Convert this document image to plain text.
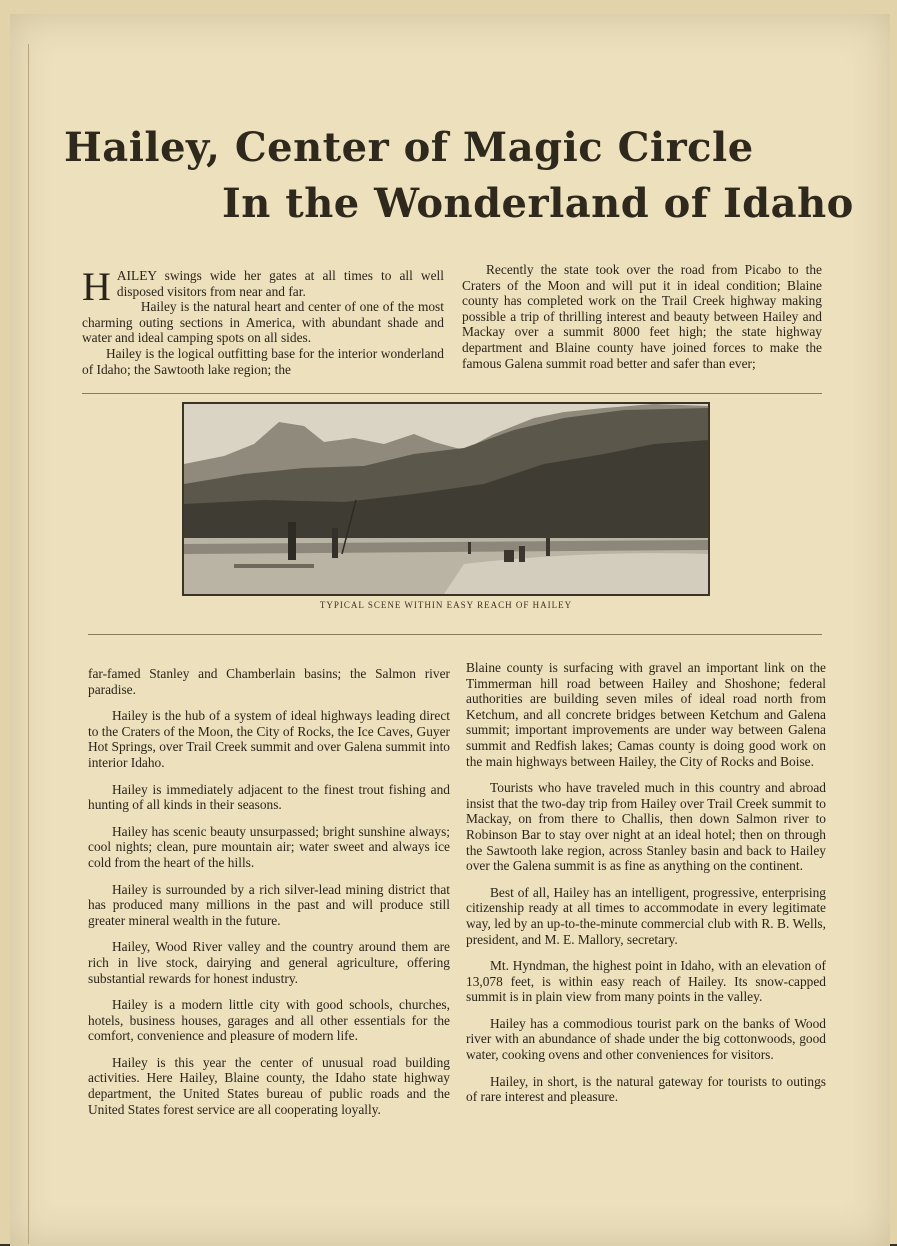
Hailey, Center of Magic Circle
In the Wonderland of Idaho
H AILEY swings wide her gates at all times to all well disposed visitors from near and far.

Hailey is the natural heart and center of one of the most charming outing sections in America, with abundant shade and water and ideal camping spots on all sides.

Hailey is the logical outfitting base for the interior wonderland of Idaho; the Sawtooth lake region; the

Recently the state took over the road from Picabo to the Craters of the Moon and will put it in ideal condition; Blaine county has completed work on the Trail Creek highway making possible a trip of thrilling interest and beauty between Hailey and Mackay over a summit 8000 feet high; the state highway department and Blaine county have joined forces to make the famous Galena summit road better and safer than ever;

TYPICAL SCENE WITHIN EASY REACH OF HAILEY

far-famed Stanley and Chamberlain basins; the Salmon river paradise.

Hailey is the hub of a system of ideal highways leading direct to the Craters of the Moon, the City of Rocks, the Ice Caves, Guyer Hot Springs, over Trail Creek summit and over Galena summit into interior Idaho.

Hailey is immediately adjacent to the finest trout fishing and hunting of all kinds in their seasons.

Hailey has scenic beauty unsurpassed; bright sunshine always; cool nights; clean, pure mountain air; water sweet and always ice cold from the heart of the hills.

Hailey is surrounded by a rich silver-lead mining district that has produced many millions in the past and will produce still greater mineral wealth in the future.

Hailey, Wood River valley and the country around them are rich in live stock, dairying and general agriculture, offering substantial rewards for honest industry.

Hailey is a modern little city with good schools, churches, hotels, business houses, garages and all other essentials for the comfort, convenience and pleasure of modern life.

Hailey is this year the center of unusual road building activities. Here Hailey, Blaine county, the Idaho state highway department, the United States bureau of public roads and the United States forest service are all cooperating loyally.

Blaine county is surfacing with gravel an important link on the Timmerman hill road between Hailey and Shoshone; federal authorities are building seven miles of ideal road north from Ketchum, and all concrete bridges between Ketchum and Galena summit; important improvements are under way between Galena summit and Redfish lakes; Camas county is doing good work on the main highways between Hailey, the City of Rocks and Boise.

Tourists who have traveled much in this country and abroad insist that the two-day trip from Hailey over Trail Creek summit to Mackay, on from there to Challis, then down Salmon river to Robinson Bar to stay over night at an ideal hotel; then on through the Sawtooth lake region, across Stanley basin and back to Hailey over the Galena summit is as fine as anything on the continent.

Best of all, Hailey has an intelligent, progressive, enterprising citizenship ready at all times to accommodate in every legitimate way, led by an up-to-the-minute commercial club with R. B. Wells, president, and M. E. Mallory, secretary.

Mt. Hyndman, the highest point in Idaho, with an elevation of 13,078 feet, is within easy reach of Hailey. Its snow-capped summit is in plain view from many points in the valley.

Hailey has a commodious tourist park on the banks of Wood river with an abundance of shade under the big cottonwoods, good water, cooking ovens and other conveniences for visitors.

Hailey, in short, is the natural gateway for tourists to outings of rare interest and pleasure.
